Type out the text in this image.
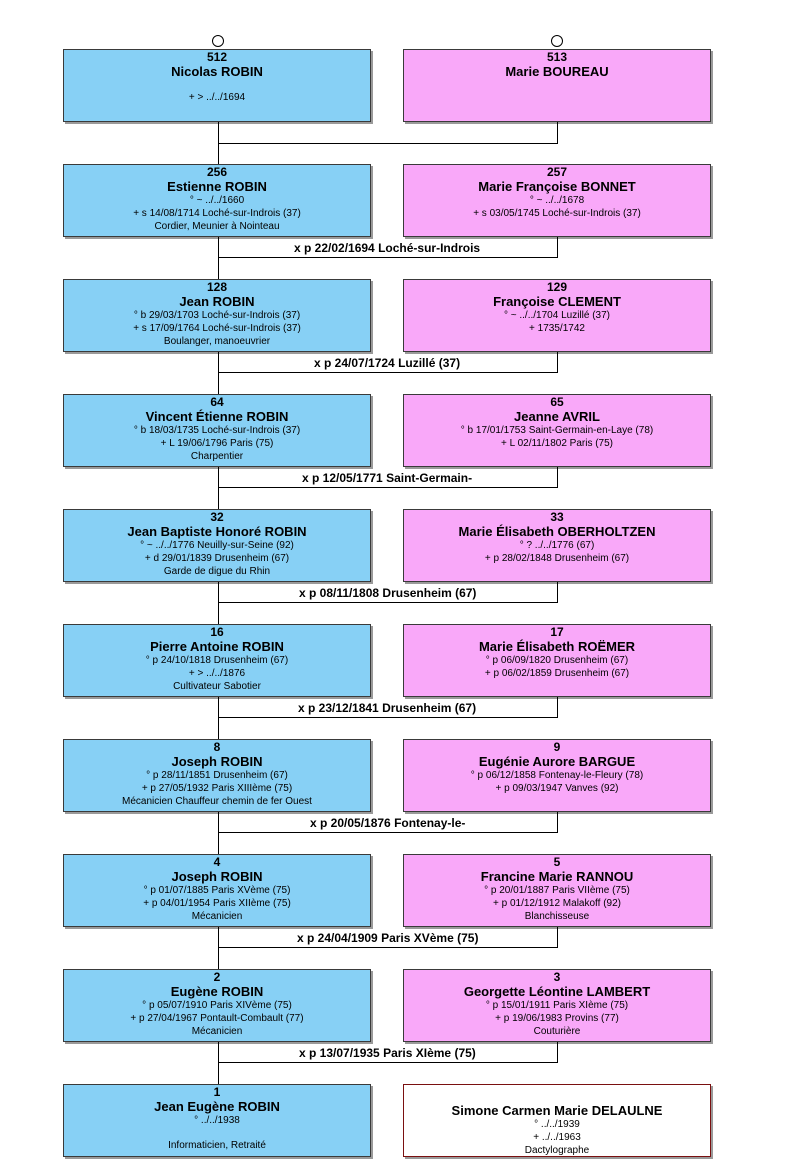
512
Nicolas ROBIN
+ > ../../1694
513
Marie BOUREAU
256
Estienne ROBIN
° ~ ../../1660
+ s 14/08/1714 Loché-sur-Indrois (37)
Cordier, Meunier à Nointeau
257
Marie Françoise BONNET
° ~ ../../1678
+ s 03/05/1745 Loché-sur-Indrois (37)
128
Jean ROBIN
° b 29/03/1703 Loché-sur-Indrois (37)
+ s 17/09/1764 Loché-sur-Indrois (37)
Boulanger, manoeuvrier
129
Françoise CLEMENT
° ~ ../../1704 Luzillé (37)
+ 1735/1742
64
Vincent Étienne ROBIN
° b 18/03/1735 Loché-sur-Indrois (37)
+ L 19/06/1796 Paris (75)
Charpentier
65
Jeanne AVRIL
° b 17/01/1753 Saint-Germain-en-Laye (78)
+ L 02/11/1802 Paris (75)
32
Jean Baptiste Honoré ROBIN
° ~ ../../1776 Neuilly-sur-Seine (92)
+ d 29/01/1839 Drusenheim (67)
Garde de digue du Rhin
33
Marie Élisabeth OBERHOLTZEN
° ? ../../1776 (67)
+ p 28/02/1848 Drusenheim (67)
16
Pierre Antoine ROBIN
° p 24/10/1818 Drusenheim (67)
+ > ../../1876
Cultivateur Sabotier
17
Marie Élisabeth ROËMER
° p 06/09/1820 Drusenheim (67)
+ p 06/02/1859 Drusenheim (67)
8
Joseph ROBIN
° p 28/11/1851 Drusenheim (67)
+ p 27/05/1932 Paris XIIIème (75)
Mécanicien Chauffeur chemin de fer Ouest
9
Eugénie Aurore BARGUE
° p 06/12/1858 Fontenay-le-Fleury (78)
+ p 09/03/1947 Vanves (92)
4
Joseph ROBIN
° p 01/07/1885 Paris XVème (75)
+ p 04/01/1954 Paris XIIème (75)
Mécanicien
5
Francine Marie RANNOU
° p 20/01/1887 Paris VIIème (75)
+ p 01/12/1912 Malakoff (92)
Blanchisseuse
2
Eugène ROBIN
° p 05/07/1910 Paris XIVème (75)
+ p 27/04/1967 Pontault-Combault (77)
Mécanicien
3
Georgette Léontine LAMBERT
° p 15/01/1911 Paris XIème (75)
+ p 19/06/1983 Provins (77)
Couturière
1
Jean Eugène ROBIN
° ../../1938
Informaticien, Retraité
Simone Carmen Marie DELAULNE
° ../../1939
+ ../../1963
Dactylographe
x p 22/02/1694 Loché-sur-Indrois
x p 24/07/1724 Luzillé (37)
x p 12/05/1771 Saint-Germain-
x p 08/11/1808 Drusenheim (67)
x p 23/12/1841 Drusenheim (67)
x p 20/05/1876 Fontenay-le-
x p 24/04/1909 Paris XVème (75)
x p 13/07/1935 Paris XIème (75)
